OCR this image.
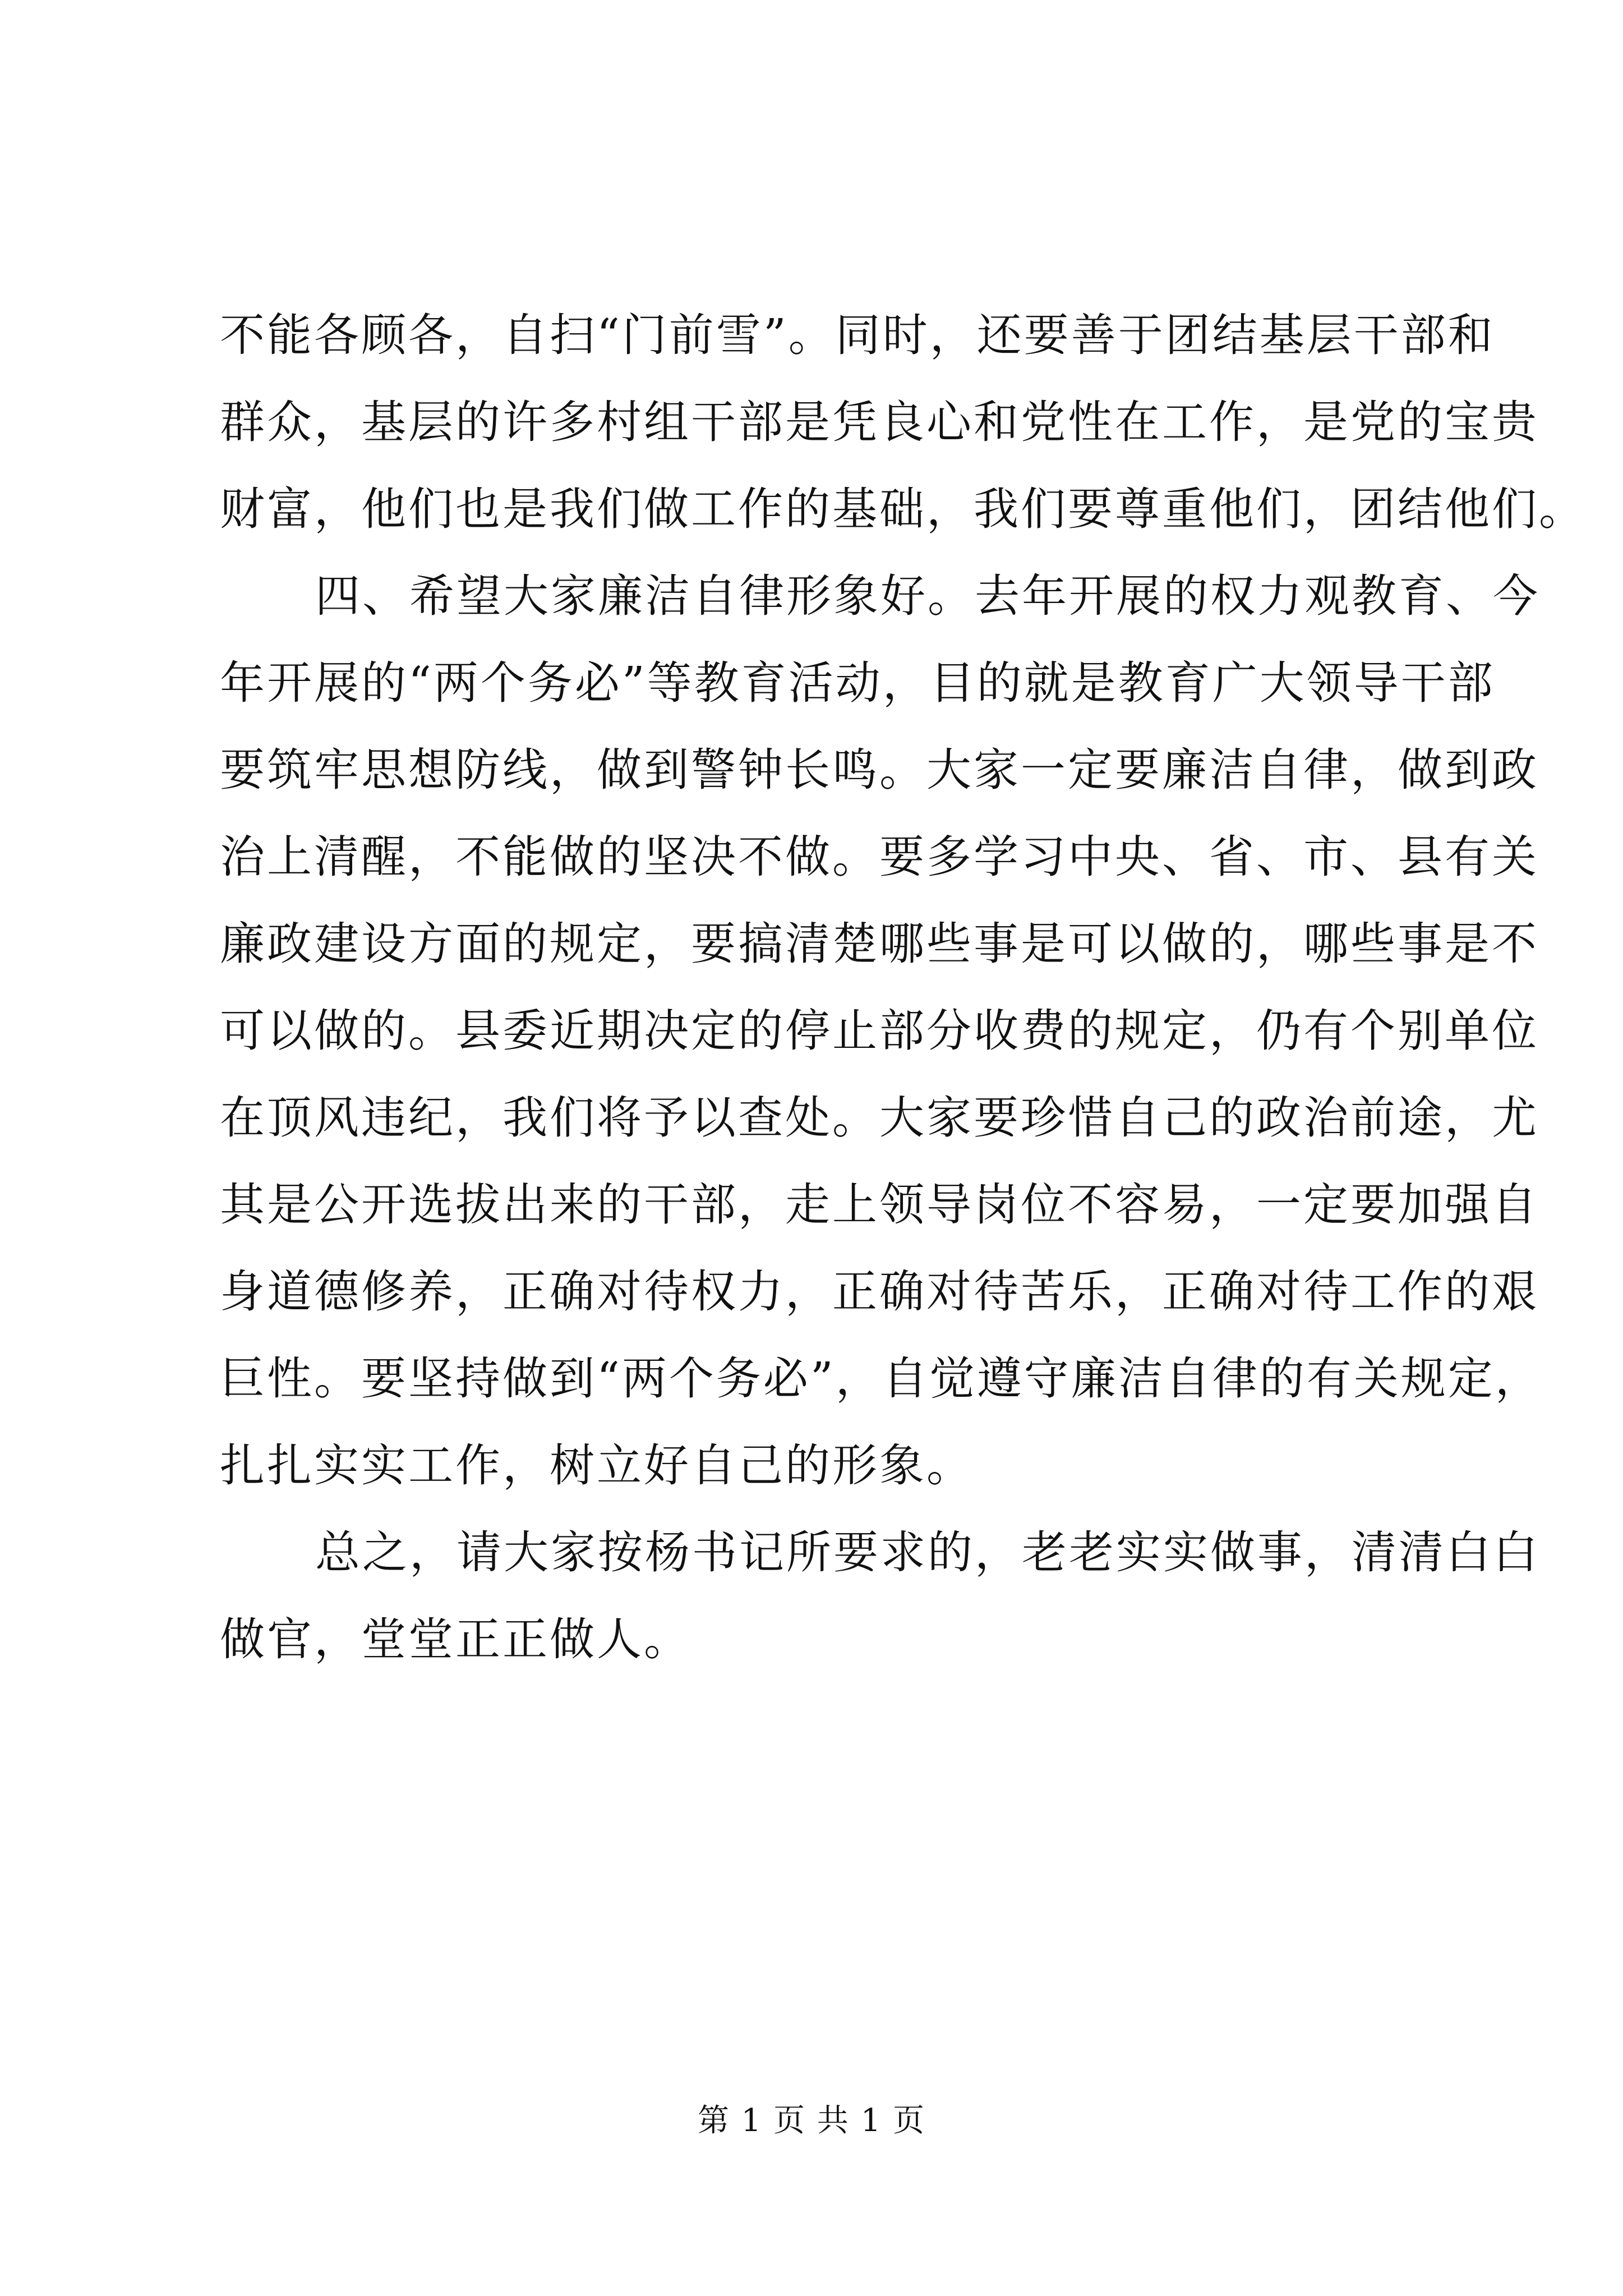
不能各顾各，自扫“门前雪”。同时，还要善于团结基层干部和
群众，基层的许多村组干部是凭良心和党性在工作，是党的宝贵
财富，他们也是我们做工作的基础，我们要尊重他们，团结他们。
四、希望大家廉洁自律形象好。去年开展的权力观教育、今
年开展的“两个务必”等教育活动，目的就是教育广大领导干部
要筑牢思想防线，做到警钟长鸣。大家一定要廉洁自律，做到政
治上清醒，不能做的坚决不做。要多学习中央、省、市、县有关
廉政建设方面的规定，要搞清楚哪些事是可以做的，哪些事是不
可以做的。县委近期决定的停止部分收费的规定，仍有个别单位
在顶风违纪，我们将予以查处。大家要珍惜自己的政治前途，尤
其是公开选拔出来的干部，走上领导岗位不容易，一定要加强自
身道德修养，正确对待权力，正确对待苦乐，正确对待工作的艰
巨性。要坚持做到“两个务必”，自觉遵守廉洁自律的有关规定，
扎扎实实工作，树立好自己的形象。
总之，请大家按杨书记所要求的，老老实实做事，清清白白
做官，堂堂正正做人。
第 1 页 共 1 页
